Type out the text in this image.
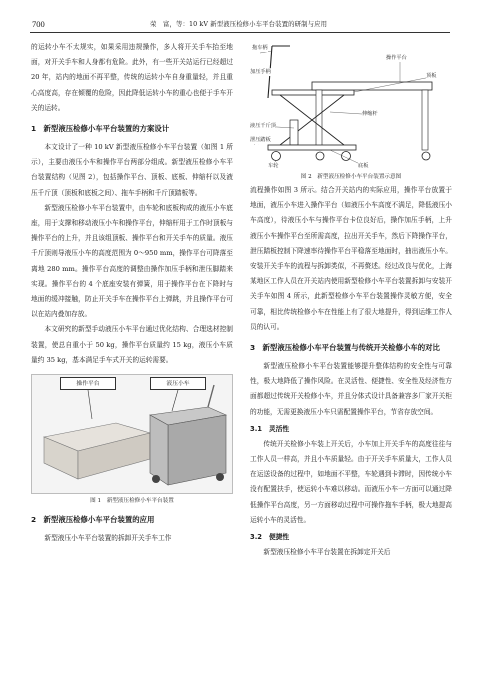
700	荣　富，等：10 kV 新型液压检修小车平台装置的研制与应用

的运转小车不太规实，如果采用违规操作，多人将开关手车抬至地面，对开关手车和人身都有危险。此外，有一些开关站运行已经超过 20 年，站内的地面不再平整，传统的运转小车自身重量轻，并且重心高度高，存在倾覆的危险，因此降低运转小车的重心也便于手车开关的运转。

1　新型液压检修小车平台装置的方案设计

本文设计了一种 10 kV 新型液压检修小车平台装置（如图 1 所示），主要由液压小车和操作平台两部分组成。新型液压检修小车平台装置结构（见图 2），包括操作平台、顶板、底板、伸缩杆以及液压千斤顶（顶板和底板之间）、拖车手柄和千斤顶踏板等。

新型液压检修小车平台装置中，由车轮和底板构成的液压小车底座，用于支撑和移动液压小车和操作平台，伸缩杆用于工作时顶板与操作平台的上升，并且该组顶板、操作平台和开关手车的质量。液压千斤顶则导液压小车的高度范围为 0～950 mm，操作平台可降落至离地 280 mm。操作平台高度的调整由操作加压手柄和泄压脚踏来实现。操作平台的 4 个底座安装有弹簧，用于操作平台在下降时与地面的缓冲接触，防止开关手车在操作平台上弹跳，并且操作平台可以在站内叠加存放。

本文研究的新型手动液压小车平台通过优化结构、合理选材控制装置，使总自重小于 50 kg，操作平台质量约 15 kg，液压小车质量约 35 kg，基本满足手车式开关的运转需要。

操作平台	液压小车
图 1　新型液压检修小车平台装置
2　新型液压检修小车平台装置的应用

新型液压小车平台装置的拆卸开关手车工作

拖车柄
加压手柄
顶板
操作平台
伸缩杆
液压千斤顶
泄压踏板
车轮	底板
图 2　新型液压检修小车平台装置示意图

流程操作如图 3 所示。结合开关站内的实际应用，操作平台放置于地面，液压小车进入操作平台（如液压小车高度不满足，降低液压小车高度），待液压小车与操作平台卡位良好后，操作加压手柄，上升液压小车操作平台至所需高度，拉出开关手车，然后下降操作平台，泄压踏板控制下降速率待操作平台平稳落至地面时，抽出液压小车。安装开关手车的流程与拆卸类似，不再赘述。经过改良与优化，上海某地区工作人员在开关站内使用新型检修小车平台装置拆卸与安装开关手车如图 4 所示，此新型检修小车平台装置操作灵敏方便，安全可靠，相比传统检修小车在性能上有了很大地提升，得到运维工作人员的认可。

3　新型液压检修小车平台装置与传统开关检修小车的对比

新型液压检修小车平台装置能够提升整体结构的安全性与可靠性，极大地降低了操作风险。在灵活性、便捷性、安全性及经济性方面都超过传统开关检修小车，并且分体式设计具备兼容多厂家开关柜的功能，无需更换液压小车只需配置操作平台，节省存放空间。

3.1　灵活性

传统开关检修小车装上开关后，小车加上开关手车的高度往往与工作人员一样高，并且小车质量轻。由于开关手车质量大，工作人员在运送设备的过程中，如地面不平整，车轮遇到卡滞时，因传统小车没有配置扶手，使运转小车难以移动。而液压小车一方面可以通过降低操作平台高度，另一方面移动过程中可操作拖车手柄，极大地提高运转小车的灵活性。

3.2　便捷性

新型液压检修小车平台装置在拆卸定开关后
